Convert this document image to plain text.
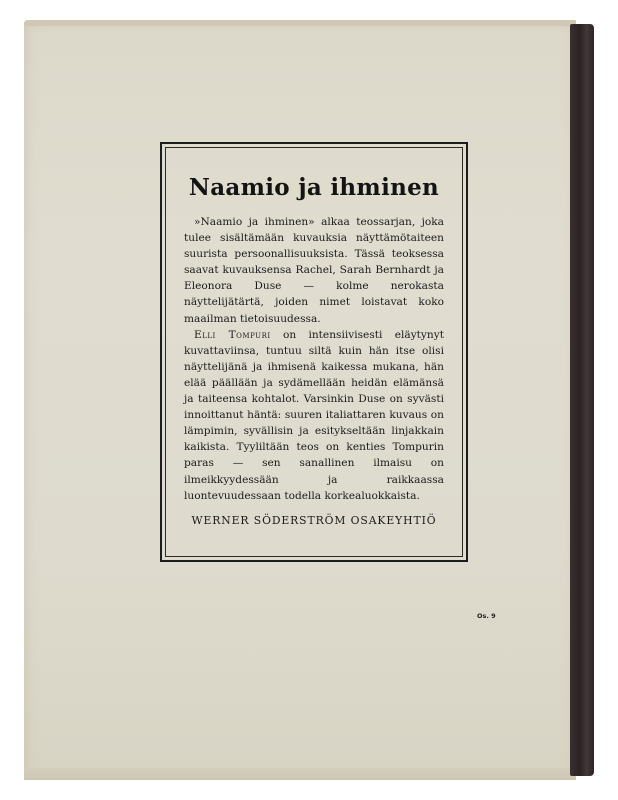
Naamio ja ihminen

»Naamio ja ihminen» alkaa teossarjan, joka tulee sisältämään kuvauksia näyttämötaiteen suurista persoonallisuuksista. Tässä teoksessa saavat kuvauksensa Rachel, Sarah Bernhardt ja Eleonora Duse — kolme nerokasta näyttelijätärtä, joiden nimet loistavat koko maailman tietoisuudessa.

Elli Tompuri on intensiivisesti eläytynyt kuvattaviinsa, tuntuu siltä kuin hän itse olisi näyttelijänä ja ihmisenä kaikessa mukana, hän elää päällään ja sydämellään heidän elämänsä ja taiteensa kohtalot. Varsinkin Duse on syvästi innoittanut häntä: suuren italiattaren kuvaus on lämpimin, syvällisin ja esitykseltään linjakkain kaikista. Tyyliltään teos on kenties Tompurin paras — sen sanallinen ilmaisu on ilmeikkyydessään ja raikkaassa luontevuudessaan todella korkealuokkaista.

WERNER SÖDERSTRÖM OSAKEYHTIÖ
Os. 9
